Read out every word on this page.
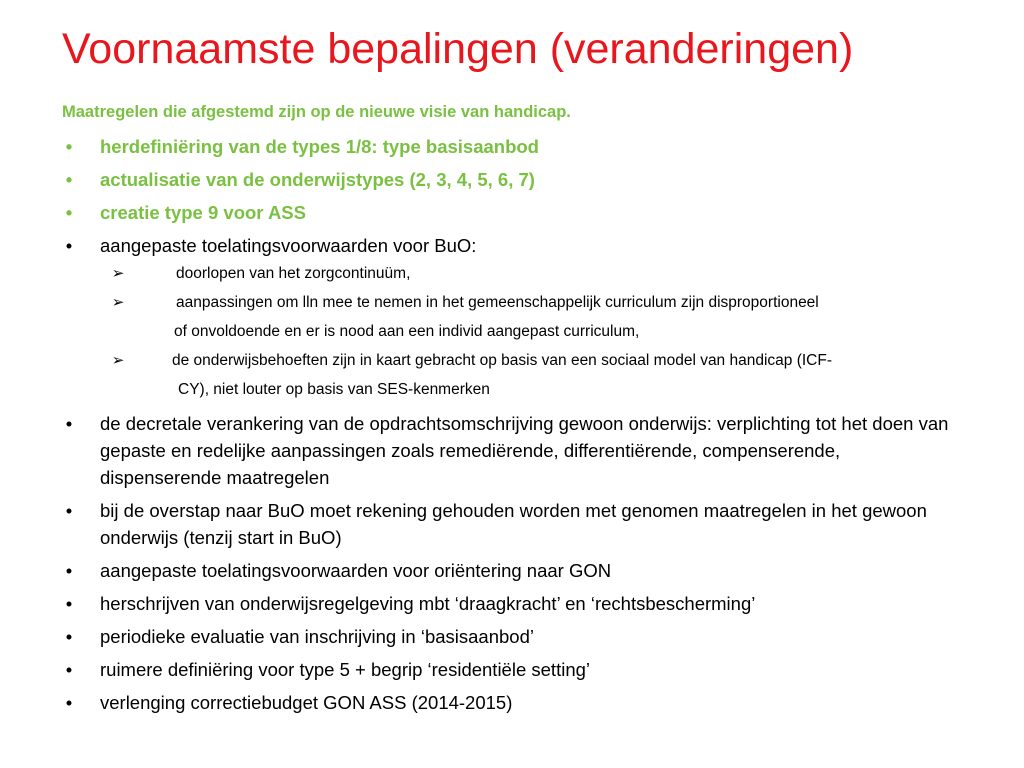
Voornaamste bepalingen (veranderingen)
Maatregelen die afgestemd zijn op de nieuwe visie van handicap.
• herdefiniëring van de types 1/8: type basisaanbod
• actualisatie van de onderwijstypes (2, 3, 4, 5, 6, 7)
• creatie type 9 voor ASS
• aangepaste toelatingsvoorwaarden voor BuO:
➢	doorlopen van het zorgcontinuüm,
➢	aanpassingen om lln mee te nemen in het gemeenschappelijk curriculum zijn disproportioneel
of onvoldoende en er is nood aan een individ aangepast curriculum,
➢	de onderwijsbehoeften zijn in kaart gebracht op basis van een sociaal model van handicap (ICF-
CY), niet louter op basis van SES-kenmerken
• de decretale verankering van de opdrachtsomschrijving gewoon onderwijs: verplichting tot het doen van gepaste en redelijke aanpassingen zoals remediërende, differentiërende, compenserende, dispenserende maatregelen
• bij de overstap naar BuO moet rekening gehouden worden met genomen maatregelen in het gewoon onderwijs (tenzij start in BuO)
• aangepaste toelatingsvoorwaarden voor oriëntering naar GON
• herschrijven van onderwijsregelgeving mbt ‘draagkracht’ en ‘rechtsbescherming’
• periodieke evaluatie van inschrijving in ‘basisaanbod’
• ruimere definiëring voor type 5 + begrip ‘residentiële setting’
• verlenging correctiebudget GON ASS (2014-2015)
